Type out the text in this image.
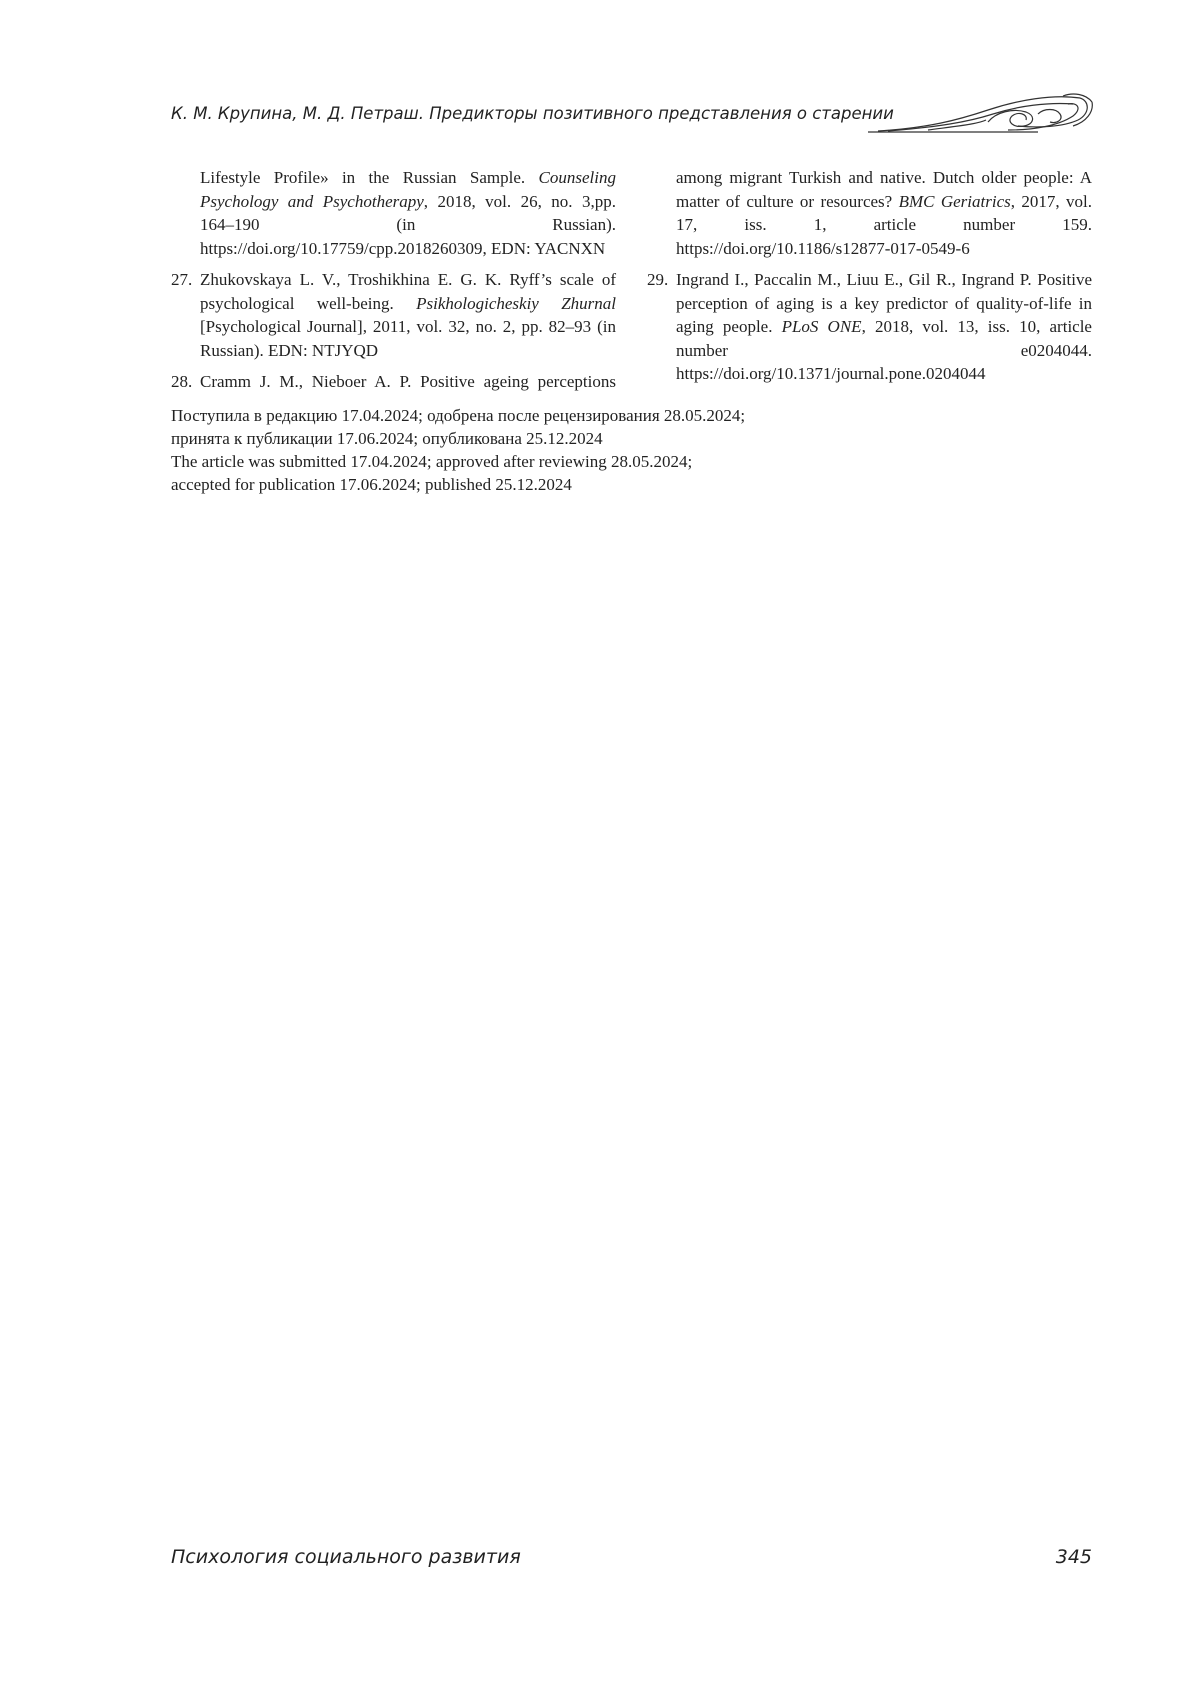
К. М. Крупина, М. Д. Петраш. Предикторы позитивного представления о старении

Lifestyle Profile» in the Russian Sample. Counseling Psychology and Psychotherapy, 2018, vol. 26, no. 3,pp. 164–190 (in Russian). https://doi.org/10.17759/cpp.2018260309, EDN: YACNXN

27. Zhukovskaya L. V., Troshikhina E. G. K. Ryff’s scale of psychological well-being. Psikhologicheskiy Zhurnal [Psychological Journal], 2011, vol. 32, no. 2, pp. 82–93 (in Russian). EDN: NTJYQD

28. Cramm J. M., Nieboer A. P. Positive ageing perceptions

among migrant Turkish and native. Dutch older people: A matter of culture or resources? BMC Geriatrics, 2017, vol. 17, iss. 1, article number 159. https://doi.org/10.1186/s12877-017-0549-6

29. Ingrand I., Paccalin M., Liuu E., Gil R., Ingrand P. Positive perception of aging is a key predictor of quality-of-life in aging people. PLoS ONE, 2018, vol. 13, iss. 10, article number e0204044. https://doi.org/10.1371/journal.pone.0204044

Поступила в редакцию 17.04.2024; одобрена после рецензирования 28.05.2024;
принята к публикации 17.06.2024; опубликована 25.12.2024
The article was submitted 17.04.2024; approved after reviewing 28.05.2024;
accepted for publication 17.06.2024; published 25.12.2024
Психология социального развития	345
